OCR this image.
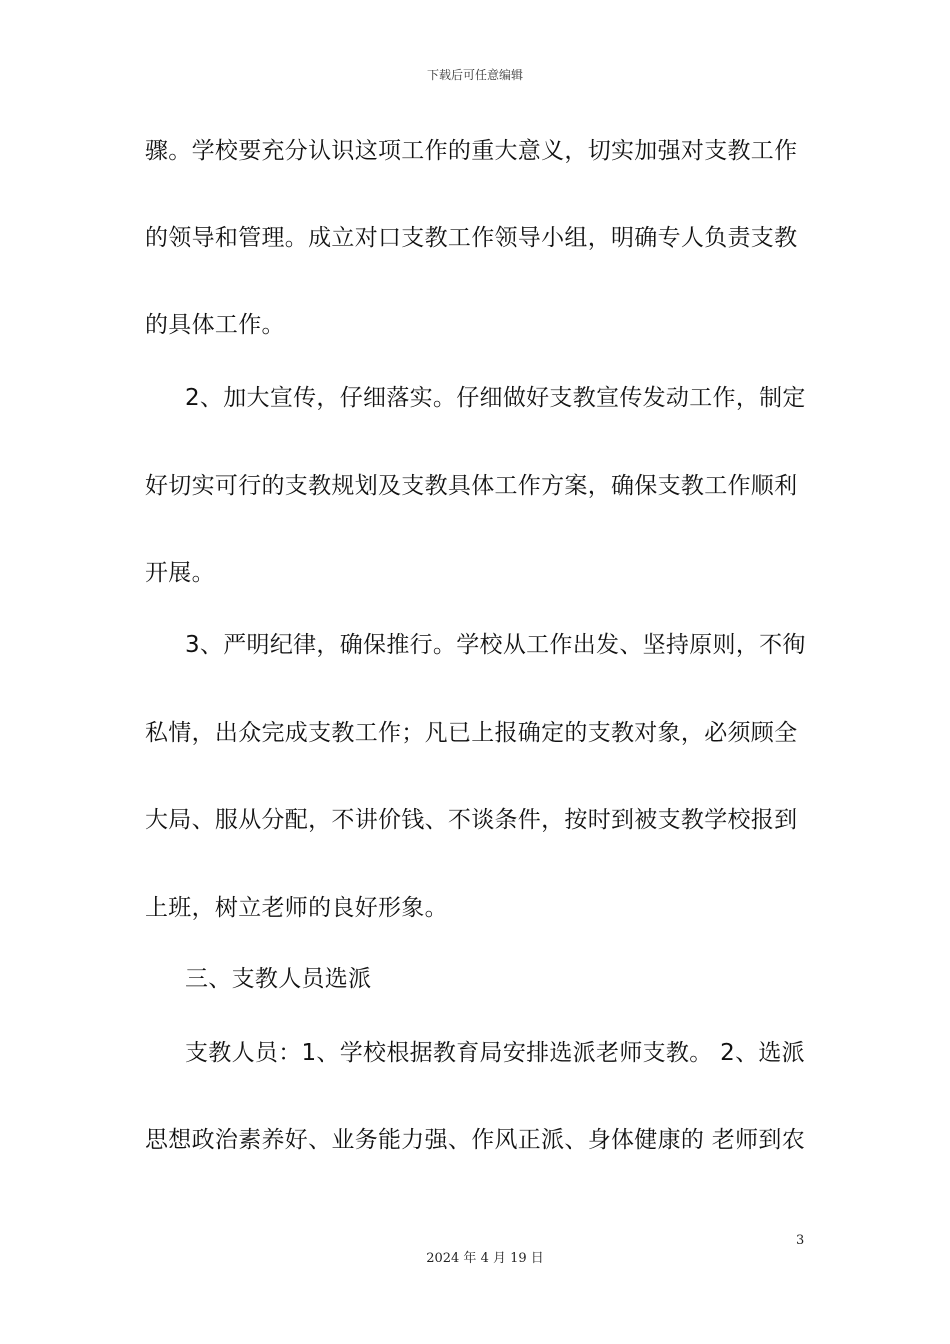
下载后可任意编辑
骤。学校要充分认识这项工作的重大意义，切实加强对支教工作
的领导和管理。成立对口支教工作领导小组，明确专人负责支教
的具体工作。
2、加大宣传，仔细落实。仔细做好支教宣传发动工作，制定
好切实可行的支教规划及支教具体工作方案，确保支教工作顺利
开展。
3、严明纪律，确保推行。学校从工作出发、坚持原则，不徇
私情，出众完成支教工作；凡已上报确定的支教对象，必须顾全
大局、服从分配，不讲价钱、不谈条件，按时到被支教学校报到
上班，树立老师的良好形象。
三、支教人员选派
支教人员：1、学校根据教育局安排选派老师支教。 2、选派
思想政治素养好、业务能力强、作风正派、身体健康的 老师到农
3
2024 年 4 月 19 日
